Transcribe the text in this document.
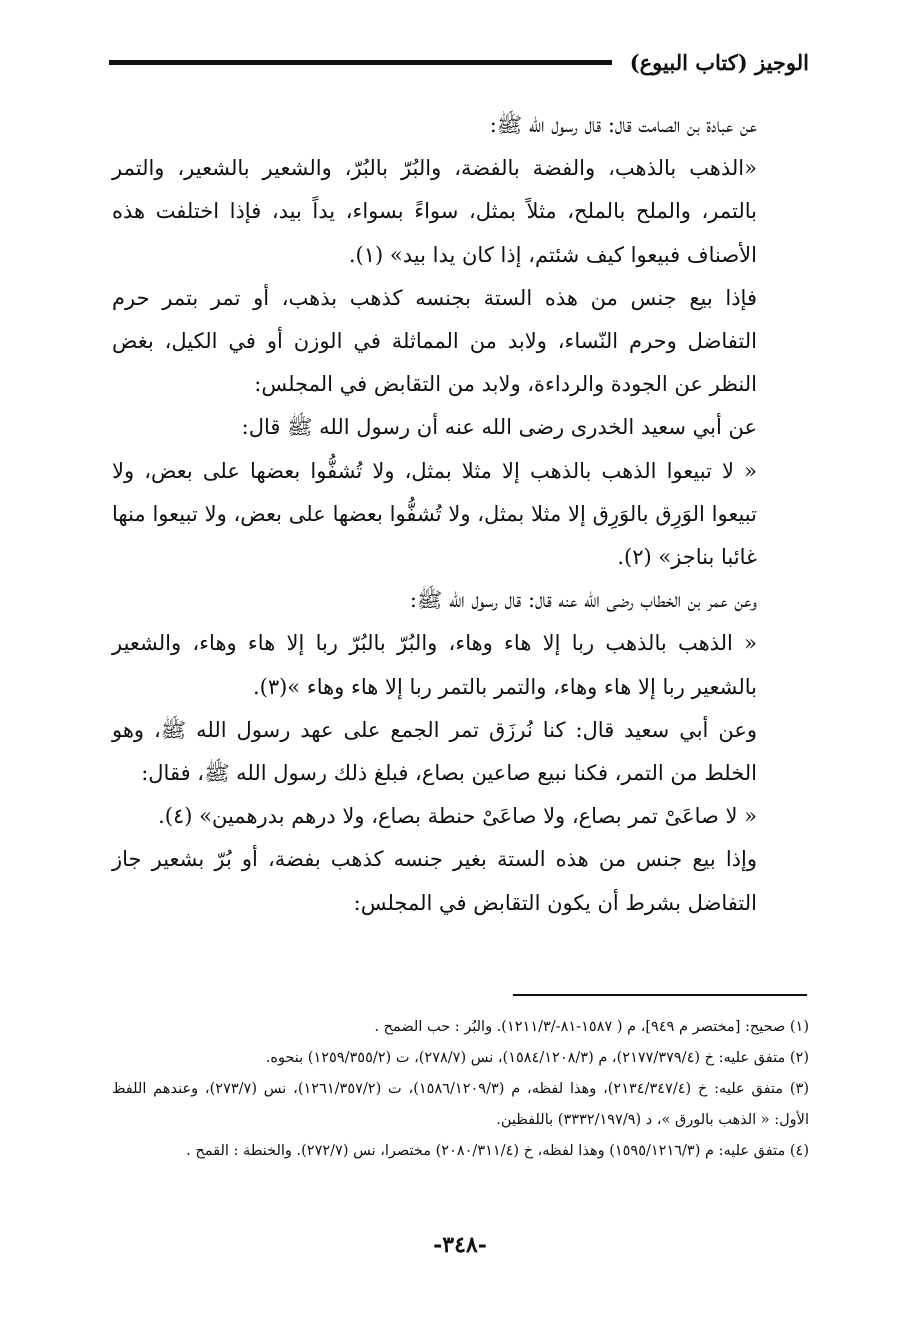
الوجيز (كتاب البيوع)

عن عبادة بن الصامت قال: قال رسول الله ﷺ:

«الذهب بالذهب، والفضة بالفضة، والبُرّ بالبُرّ، والشعير بالشعير، والتمر بالتمر، والملح بالملح، مثلاً بمثل، سواءً بسواء، يداً بيد، فإذا اختلفت هذه الأصناف فبيعوا كيف شئتم، إذا كان يدا بيد» (١).

فإذا بيع جنس من هذه الستة بجنسه كذهب بذهب، أو تمر بتمر حرم التفاضل وحرم النّساء، ولابد من المماثلة في الوزن أو في الكيل، بغض النظر عن الجودة والرداءة، ولابد من التقابض في المجلس:

عن أبي سعيد الخدرى رضى الله عنه أن رسول الله ﷺ قال:

« لا تبيعوا الذهب بالذهب إلا مثلا بمثل، ولا تُشفُّوا بعضها على بعض، ولا تبيعوا الوَرِق بالوَرِق إلا مثلا بمثل، ولا تُشفُّوا بعضها على بعض، ولا تبيعوا منها غائبا بناجز» (٢).

وعن عمر بن الخطاب رضى الله عنه قال: قال رسول الله ﷺ:

« الذهب بالذهب ربا إلا هاء وهاء، والبُرّ بالبُرّ ربا إلا هاء وهاء، والشعير بالشعير ربا إلا هاء وهاء، والتمر بالتمر ربا إلا هاء وهاء »(٣).

وعن أبي سعيد قال: كنا نُرزَق تمر الجمع على عهد رسول الله ﷺ، وهو الخلط من التمر، فكنا نبيع صاعين بصاع، فبلغ ذلك رسول الله ﷺ، فقال:

« لا صاعَىْ تمر بصاع، ولا صاعَىْ حنطة بصاع، ولا درهم بدرهمين» (٤).

وإذا بيع جنس من هذه الستة بغير جنسه كذهب بفضة، أو بُرّ بشعير جاز التفاضل بشرط أن يكون التقابض في المجلس:

(١) صحيح: [مختصر م ٩٤٩]، م ( ١٥٨٧-٨١-/١٢١١/٣). والبُر : حب الضمح .

(٢) متفق عليه: خ (٢١٧٧/٣٧٩/٤)، م (١٥٨٤/١٢٠٨/٣)، نس (٢٧٨/٧)، ت (١٢٥٩/٣٥٥/٢) بنحوه.

(٣) متفق عليه: خ (٢١٣٤/٣٤٧/٤)، وهذا لفظه، م (١٥٨٦/١٢٠٩/٣)، ت (١٢٦١/٣٥٧/٢)، نس (٢٧٣/٧)، وعندهم اللفظ الأول: « الذهب بالورق »، د (٣٣٣٢/١٩٧/٩) باللفظين.

(٤) متفق عليه: م (١٥٩٥/١٢١٦/٣) وهذا لفظه، خ (٢٠٨٠/٣١١/٤) مختصرا، نس (٢٧٢/٧). والخنطة : القمح .

-٣٤٨-
